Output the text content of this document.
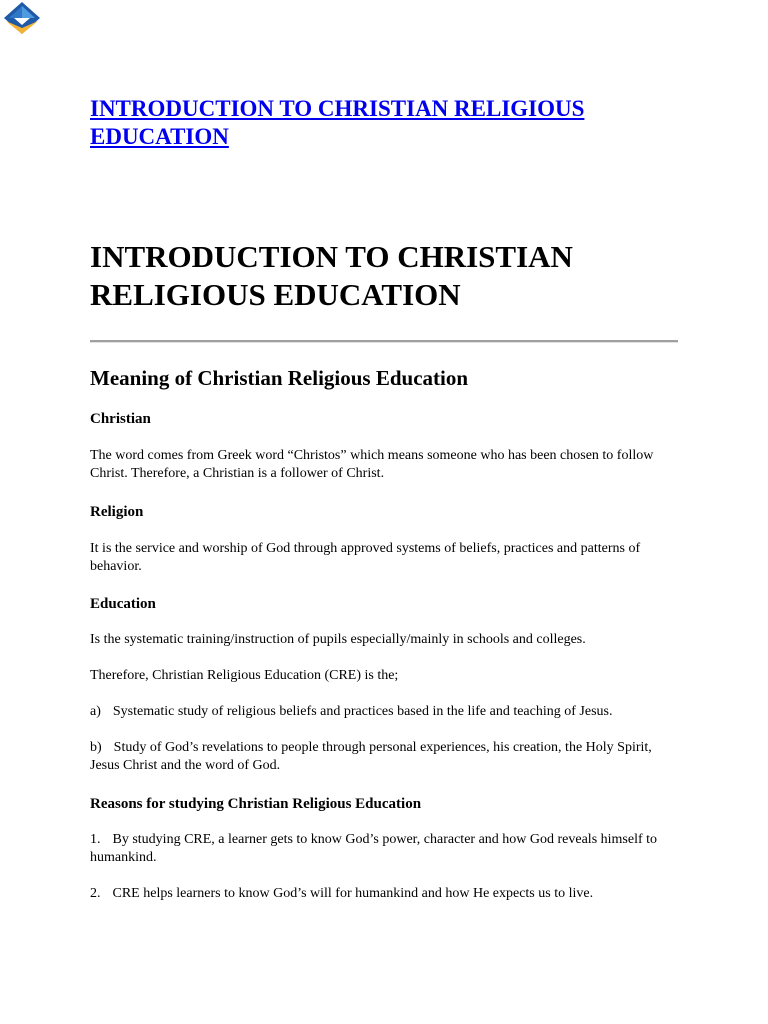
INTRODUCTION TO CHRISTIAN RELIGIOUS EDUCATION
INTRODUCTION TO CHRISTIAN RELIGIOUS EDUCATION
Meaning of Christian Religious Education
Christian

The word comes from Greek word “Christos” which means someone who has been chosen to follow Christ. Therefore, a Christian is a follower of Christ.

Religion

It is the service and worship of God through approved systems of beliefs, practices and patterns of behavior.

Education

Is the systematic training/instruction of pupils especially/mainly in schools and colleges.

Therefore, Christian Religious Education (CRE) is the;

a) Systematic study of religious beliefs and practices based in the life and teaching of Jesus.

b) Study of God’s revelations to people through personal experiences, his creation, the Holy Spirit, Jesus Christ and the word of God.

Reasons for studying Christian Religious Education

1. By studying CRE, a learner gets to know God’s power, character and how God reveals himself to humankind.

2. CRE helps learners to know God’s will for humankind and how He expects us to live.
